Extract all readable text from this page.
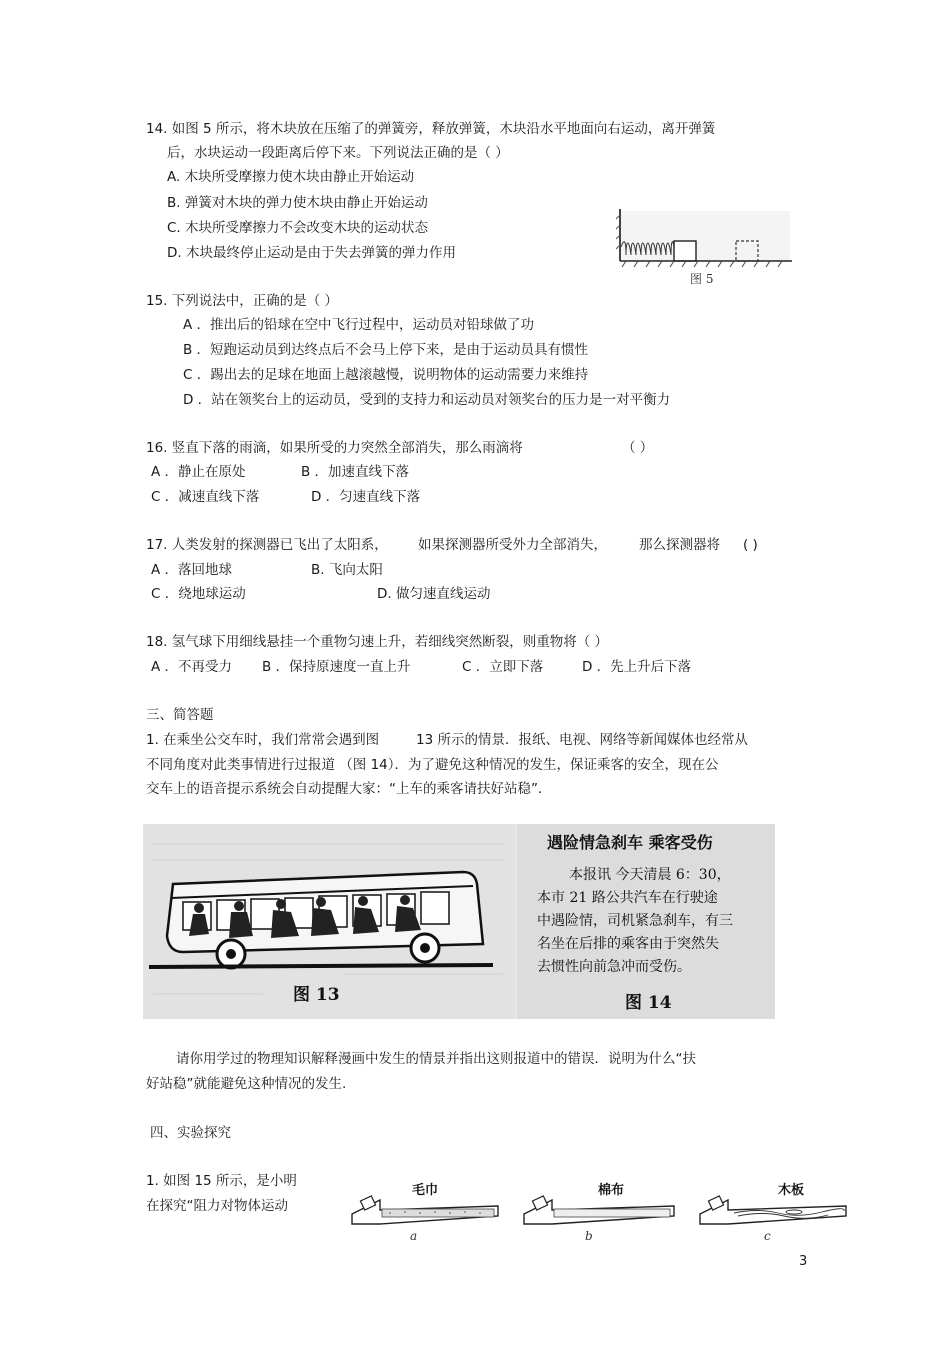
14. 如图 5 所示，将木块放在压缩了的弹簧旁，释放弹簧，木块沿水平地面向右运动，离开弹簧
后，水块运动一段距离后停下来。下列说法正确的是（ ）
A. 木块所受摩擦力使木块由静止开始运动
B. 弹簧对木块的弹力使木块由静止开始运动
C. 木块所受摩擦力不会改变木块的运动状态
D. 木块最终停止运动是由于失去弹簧的弹力作用
图 5
15. 下列说法中，正确的是（ ）
A ．推出后的铅球在空中飞行过程中，运动员对铅球做了功
B ．短跑运动员到达终点后不会马上停下来，是由于运动员具有惯性
C ．踢出去的足球在地面上越滚越慢，说明物体的运动需要力来维持
D ．站在领奖台上的运动员，受到的支持力和运动员对领奖台的压力是一对平衡力
16. 竖直下落的雨滴，如果所受的力突然全部消失，那么雨滴将	（ ）
A ．静止在原处	B ．加速直线下落
C ．减速直线下落	D ．匀速直线下落
17. 人类发射的探测器已飞出了太阳系， 如果探测器所受外力全部消失， 那么探测器将 ( )
A ．落回地球	B. 飞向太阳
C ．绕地球运动	D. 做匀速直线运动
18. 氢气球下用细线悬挂一个重物匀速上升，若细线突然断裂，则重物将（ ）
A ．不再受力 B ．保持原速度一直上升	C ．立即下落	D ．先上升后下落
三、简答题
1. 在乘坐公交车时，我们常常会遇到图	13 所示的情景．报纸、电视、网络等新闻媒体也经常从
不同角度对此类事情进行过报道 （图 14）．为了避免这种情况的发生，保证乘客的安全，现在公
交车上的语音提示系统会自动提醒大家：“上车的乘客请扶好站稳”．
图 13
遇险情急刹车 乘客受伤
本报讯 今天清晨 6：30，
本市 21 路公共汽车在行驶途
中遇险情，司机紧急刹车，有三
名坐在后排的乘客由于突然失
去惯性向前急冲而受伤。
图 14
请你用学过的物理知识解释漫画中发生的情景并指出这则报道中的错误．说明为什么“扶
好站稳”就能避免这种情况的发生.
四、实验探究
1. 如图 15 所示，是小明
在探究“阻力对物体运动
毛巾
a
棉布
b
木板
c
3
